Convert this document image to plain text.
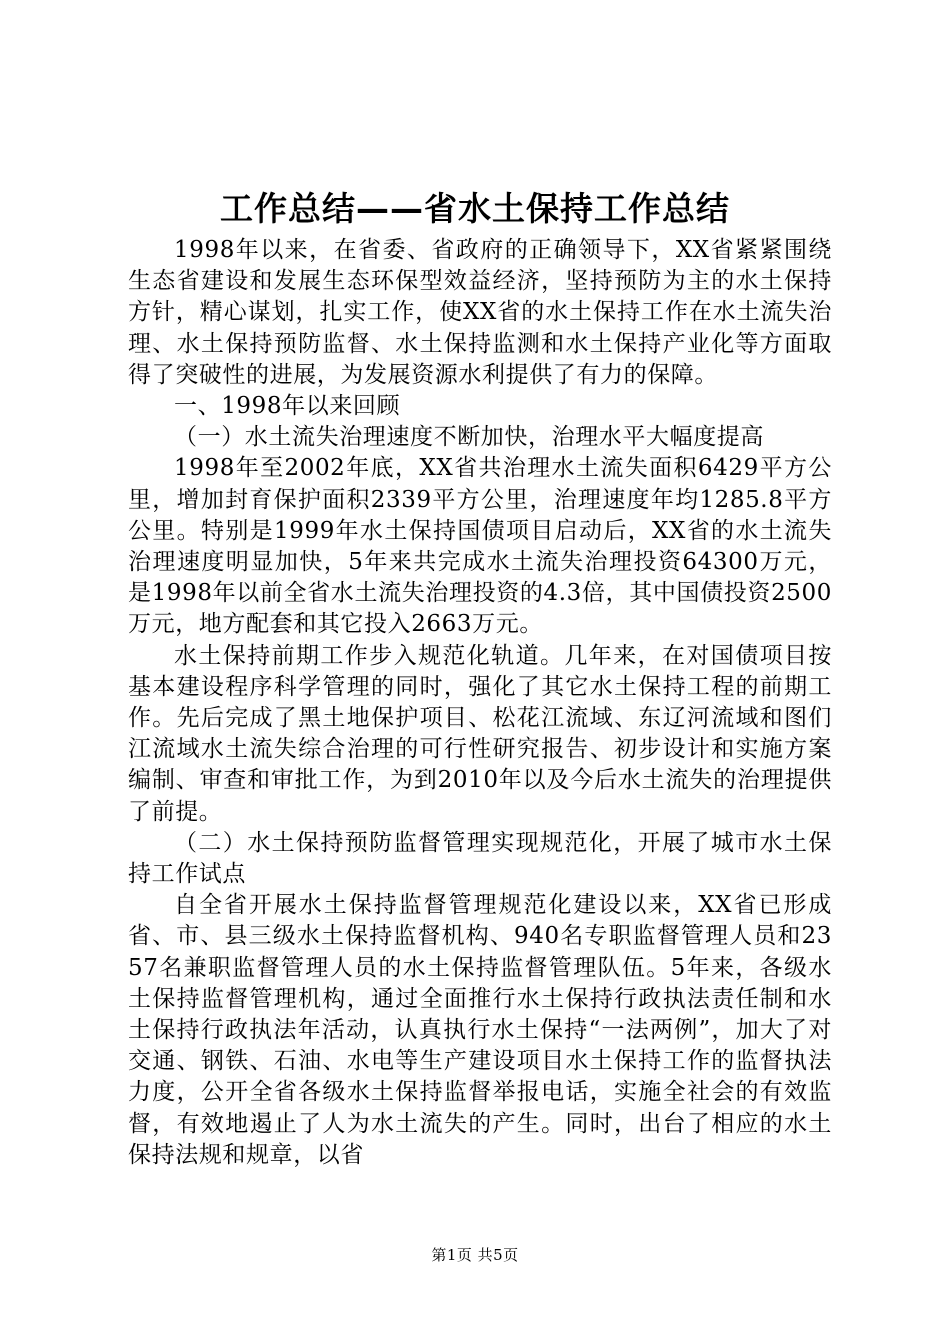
工作总结——省水土保持工作总结

1998年以来，在省委、省政府的正确领导下，XX省紧紧围绕生态省建设和发展生态环保型效益经济，坚持预防为主的水土保持方针，精心谋划，扎实工作，使XX省的水土保持工作在水土流失治理、水土保持预防监督、水土保持监测和水土保持产业化等方面取得了突破性的进展，为发展资源水利提供了有力的保障。

一、1998年以来回顾

（一）水土流失治理速度不断加快，治理水平大幅度提高

1998年至2002年底，XX省共治理水土流失面积6429平方公里，增加封育保护面积2339平方公里，治理速度年均1285.8平方公里。特别是1999年水土保持国债项目启动后，XX省的水土流失治理速度明显加快，5年来共完成水土流失治理投资64300万元，是1998年以前全省水土流失治理投资的4.3倍，其中国债投资2500万元，地方配套和其它投入2663万元。

水土保持前期工作步入规范化轨道。几年来，在对国债项目按基本建设程序科学管理的同时，强化了其它水土保持工程的前期工作。先后完成了黑土地保护项目、松花江流域、东辽河流域和图们江流域水土流失综合治理的可行性研究报告、初步设计和实施方案编制、审查和审批工作，为到2010年以及今后水土流失的治理提供了前提。

（二）水土保持预防监督管理实现规范化，开展了城市水土保持工作试点

自全省开展水土保持监督管理规范化建设以来，XX省已形成省、市、县三级水土保持监督机构、940名专职监督管理人员和2357名兼职监督管理人员的水土保持监督管理队伍。5年来，各级水土保持监督管理机构，通过全面推行水土保持行政执法责任制和水土保持行政执法年活动，认真执行水土保持“一法两例”，加大了对交通、钢铁、石油、水电等生产建设项目水土保持工作的监督执法力度，公开全省各级水土保持监督举报电话，实施全社会的有效监督，有效地遏止了人为水土流失的产生。同时，出台了相应的水土保持法规和规章，以省

第1页 共5页
